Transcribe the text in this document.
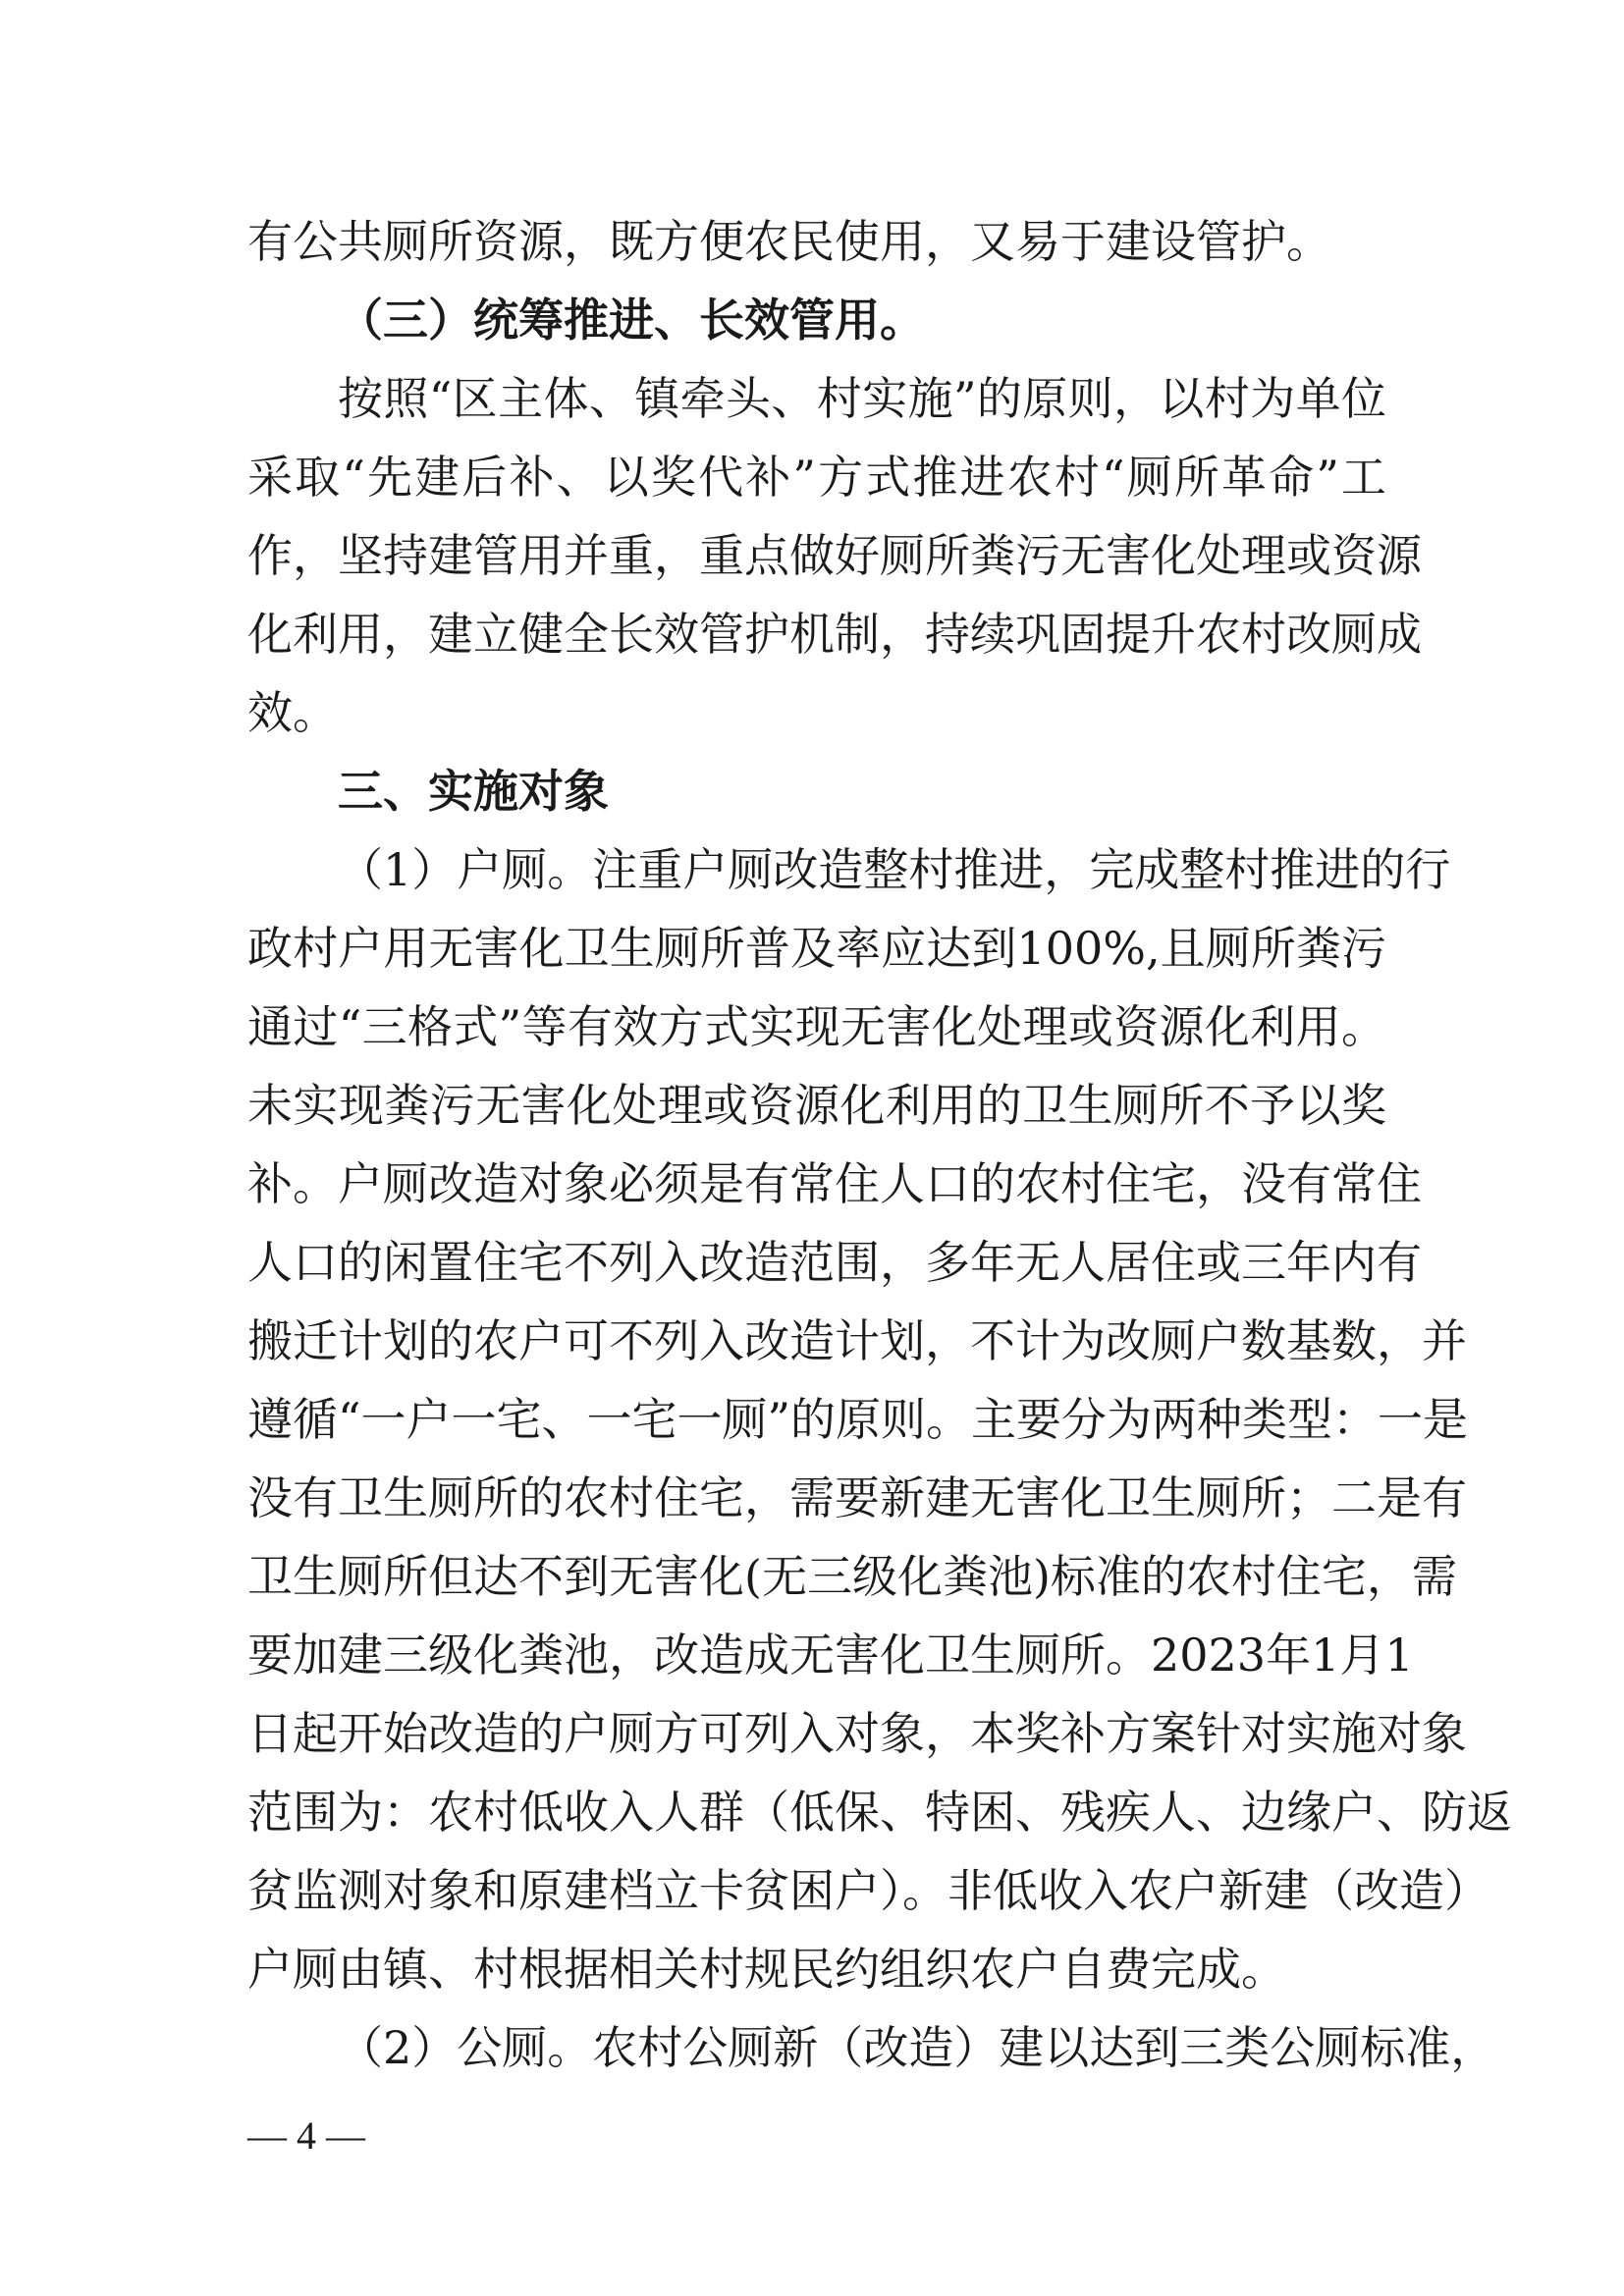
有公共厕所资源，既方便农民使用，又易于建设管护。
（三）统筹推进、长效管用。
按照“区主体、镇牵头、村实施”的原则，以村为单位
采取“先建后补、以奖代补”方式推进农村“厕所革命”工
作，坚持建管用并重，重点做好厕所粪污无害化处理或资源
化利用，建立健全长效管护机制，持续巩固提升农村改厕成
效。
三、实施对象
（1）户厕。注重户厕改造整村推进，完成整村推进的行
政村户用无害化卫生厕所普及率应达到100%,且厕所粪污
通过“三格式”等有效方式实现无害化处理或资源化利用。
未实现粪污无害化处理或资源化利用的卫生厕所不予以奖
补。户厕改造对象必须是有常住人口的农村住宅，没有常住
人口的闲置住宅不列入改造范围，多年无人居住或三年内有
搬迁计划的农户可不列入改造计划，不计为改厕户数基数，并
遵循“一户一宅、一宅一厕”的原则。主要分为两种类型：一是
没有卫生厕所的农村住宅，需要新建无害化卫生厕所；二是有
卫生厕所但达不到无害化(无三级化粪池)标准的农村住宅，需
要加建三级化粪池，改造成无害化卫生厕所。2023年1月1
日起开始改造的户厕方可列入对象，本奖补方案针对实施对象
范围为：农村低收入人群（低保、特困、残疾人、边缘户、防返
贫监测对象和原建档立卡贫困户）。非低收入农户新建（改造）
户厕由镇、村根据相关村规民约组织农户自费完成。
（2）公厕。农村公厕新（改造）建以达到三类公厕标准，
— 4 —
